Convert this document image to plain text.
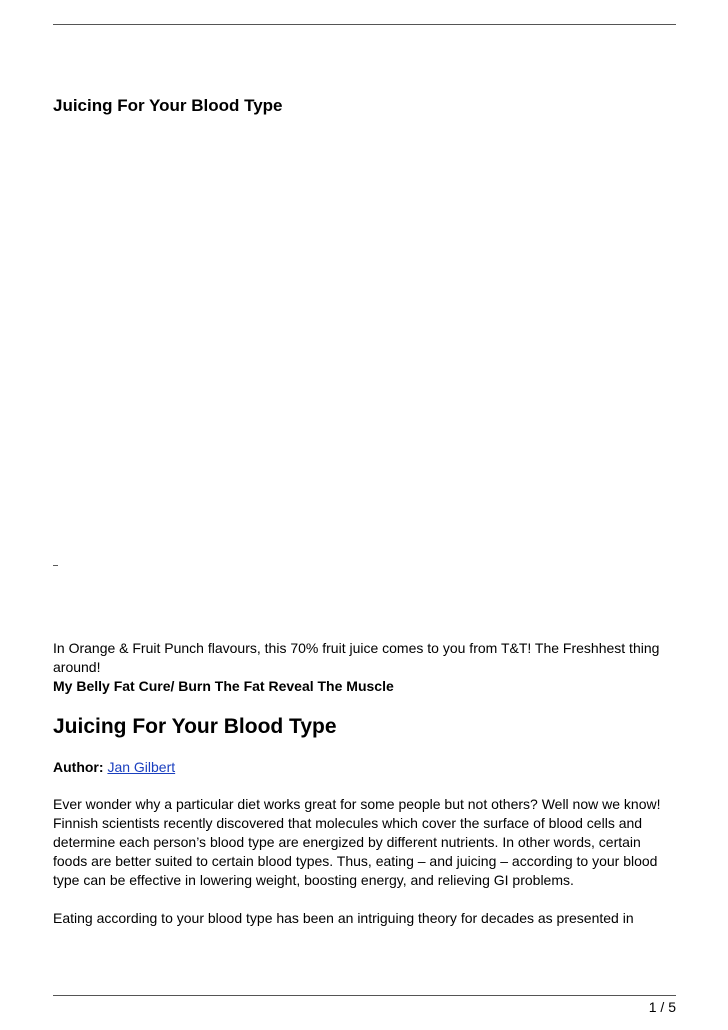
Juicing For Your Blood Type

In Orange & Fruit Punch flavours, this 70% fruit juice comes to you from T&T! The Freshhest thing around!

My Belly Fat Cure/ Burn The Fat Reveal The Muscle

Juicing For Your Blood Type
Author: Jan Gilbert

Ever wonder why a particular diet works great for some people but not others? Well now we know! Finnish scientists recently discovered that molecules which cover the surface of blood cells and determine each person’s blood type are energized by different nutrients. In other words, certain foods are better suited to certain blood types. Thus, eating – and juicing – according to your blood type can be effective in lowering weight, boosting energy, and relieving GI problems.

Eating according to your blood type has been an intriguing theory for decades as presented in

1 / 5
